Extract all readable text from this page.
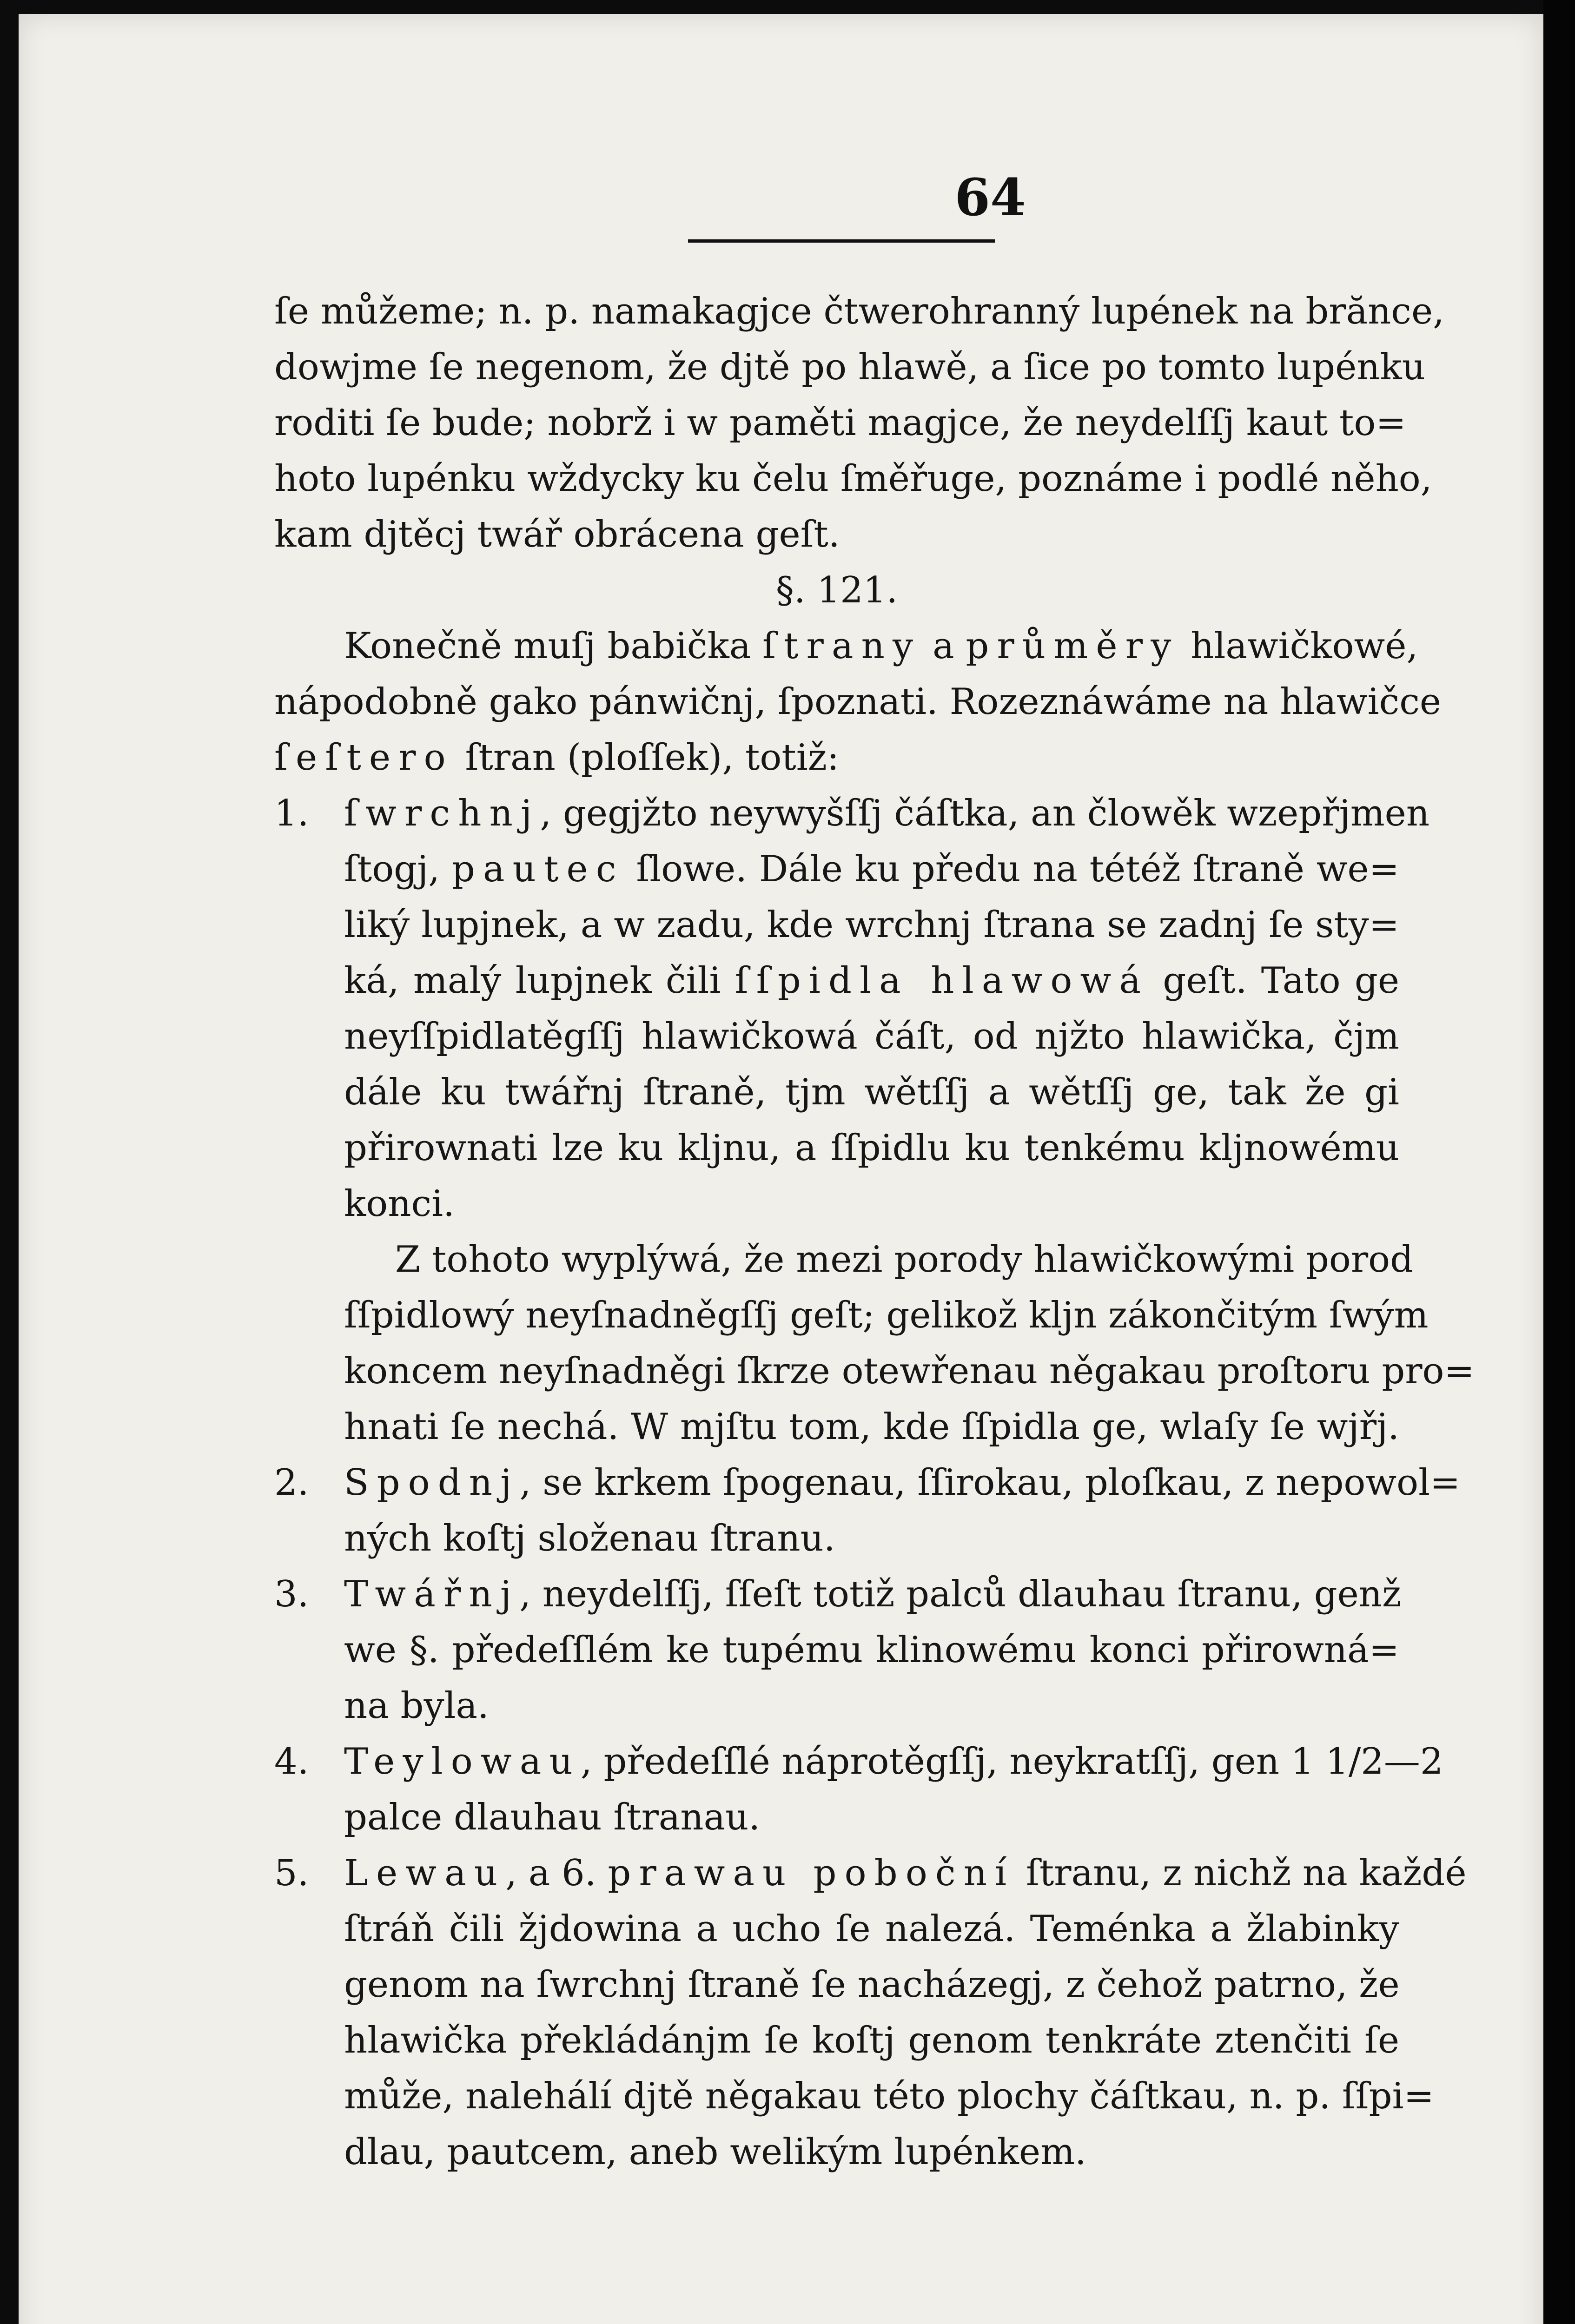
64
ſe můžeme; n. p. namakagjce čtwerohranný lupének na brănce,
dowjme ſe negenom, že djtě po hlawě, a ſice po tomto lupénku
roditi ſe bude; nobrž i w paměti magjce, že neydelſſj kaut to=
hoto lupénku wždycky ku čelu ſměřuge, poznáme i podlé něho,
kam djtěcj twář obrácena geſt.
§. 121.
Konečně muſj babička ſtrany a průměry hlawičkowé,
nápodobně gako pánwičnj, ſpoznati. Rozeznáwáme na hlawičce
ſeſtero ſtran (ploſſek), totiž:
1. ſwrchnj, gegjžto neywyšſſj čáſtka, an člowěk wzepřjmen
ſtogj, pautec ſlowe. Dále ku předu na tétéž ſtraně we=
liký lupjnek, a w zadu, kde wrchnj ſtrana se zadnj ſe sty=
ká, malý lupjnek čili ſſpidla hlawowá geſt. Tato ge
neyſſpidlatěgſſj hlawičkowá čáſt, od njžto hlawička, čjm
dále ku twářnj ſtraně, tjm wětſſj a wětſſj ge, tak že gi
přirownati lze ku kljnu, a ſſpidlu ku tenkému kljnowému
konci.
Z tohoto wyplýwá, že mezi porody hlawičkowými porod
ſſpidlowý neyſnadněgſſj geſt; gelikož kljn zákončitým ſwým
koncem neyſnadněgi ſkrze otewřenau něgakau proſtoru pro=
hnati ſe nechá. W mjſtu tom, kde ſſpidla ge, wlaſy ſe wjřj.
2. Spodnj, se krkem ſpogenau, ſſirokau, ploſkau, z nepowol=
ných koſtj složenau ſtranu.
3. Twářnj, neydelſſj, ſſeſt totiž palců dlauhau ſtranu, genž
we §. předeſſlém ke tupému klinowému konci přirowná=
na byla.
4. Teylowau, předeſſlé náprotěgſſj, neykratſſj, gen 1 1/2—2
palce dlauhau ſtranau.
5. Lewau, a 6. prawau poboční ſtranu, z nichž na každé
ſtráň čili žjdowina a ucho ſe nalezá. Teménka a žlabinky
genom na ſwrchnj ſtraně ſe nacházegj, z čehož patrno, že
hlawička překládánjm ſe koſtj genom tenkráte ztenčiti ſe
může, nalehálí djtě něgakau této plochy čáſtkau, n. p. ſſpi=
dlau, pautcem, aneb welikým lupénkem.
